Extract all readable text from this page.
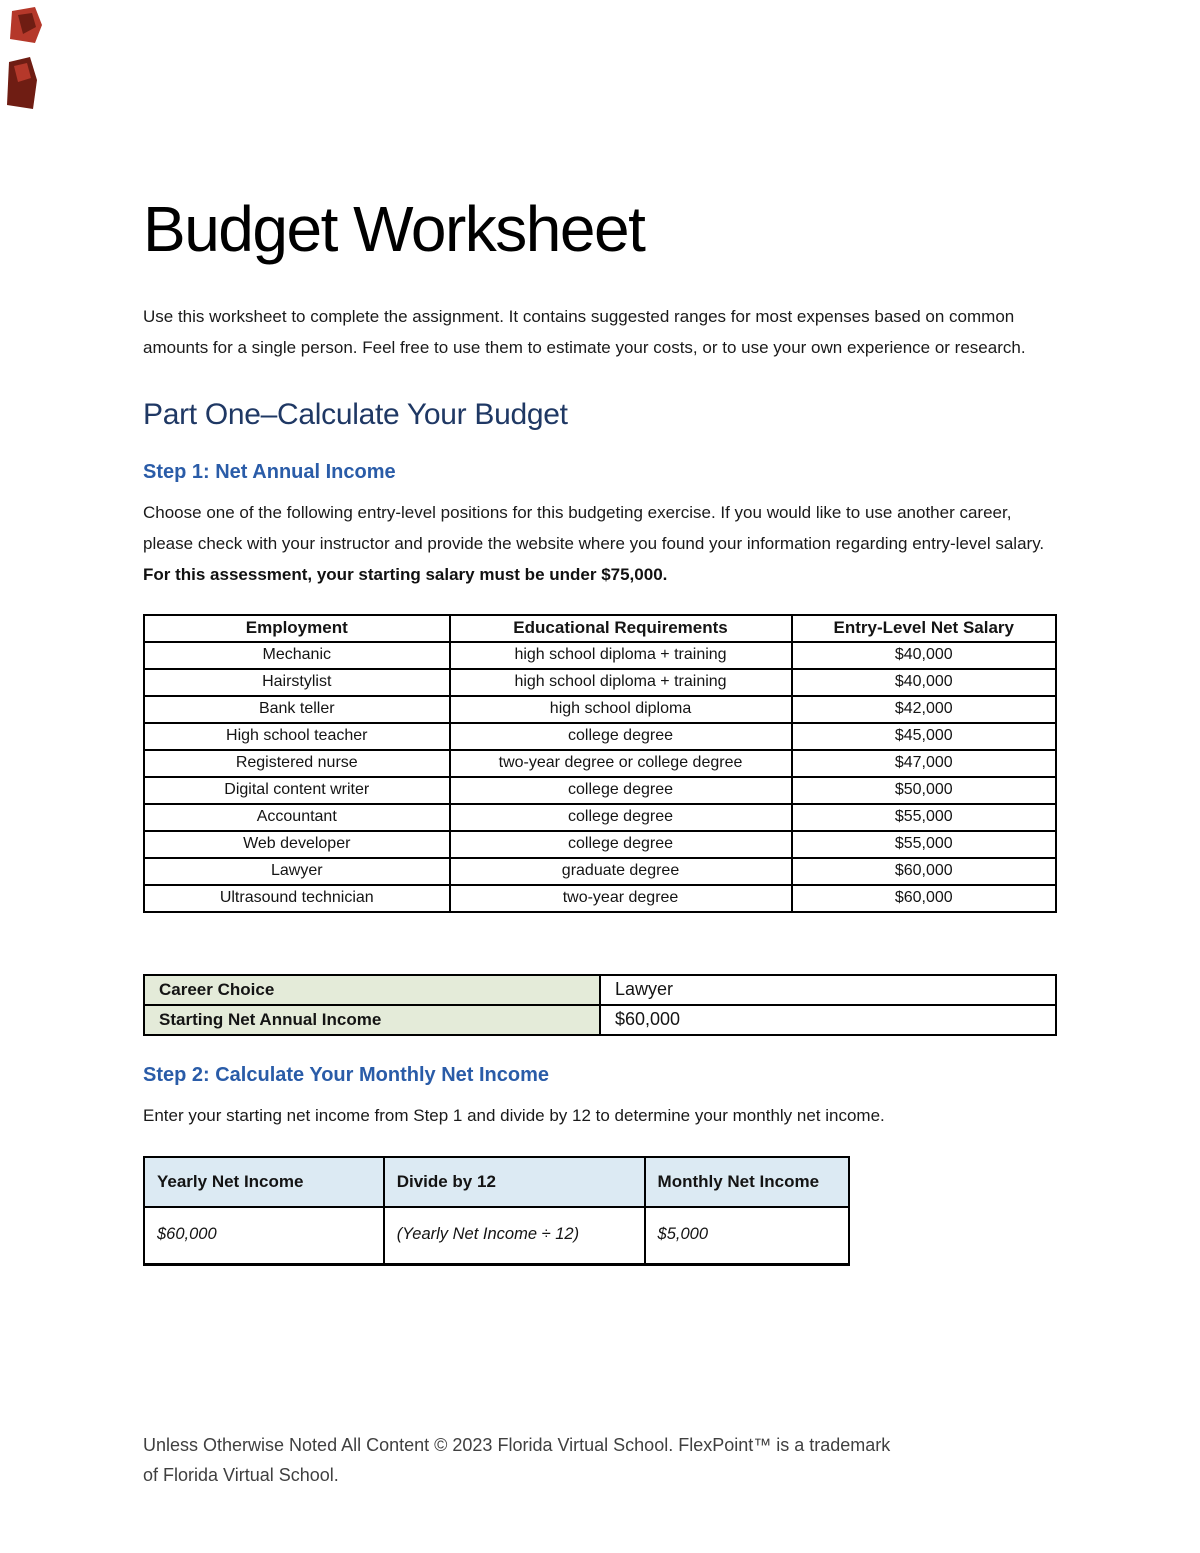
Budget Worksheet

Use this worksheet to complete the assignment. It contains suggested ranges for most expenses based on common amounts for a single person. Feel free to use them to estimate your costs, or to use your own experience or research.

Part One–Calculate Your Budget
Step 1: Net Annual Income

Choose one of the following entry-level positions for this budgeting exercise. If you would like to use another career, please check with your instructor and provide the website where you found your information regarding entry-level salary. For this assessment, your starting salary must be under $75,000.

Employment	Educational Requirements	Entry-Level Net Salary
Mechanic	high school diploma + training	$40,000
Hairstylist	high school diploma + training	$40,000
Bank teller	high school diploma	$42,000
High school teacher	college degree	$45,000
Registered nurse	two-year degree or college degree	$47,000
Digital content writer	college degree	$50,000
Accountant	college degree	$55,000
Web developer	college degree	$55,000
Lawyer	graduate degree	$60,000
Ultrasound technician	two-year degree	$60,000
Career Choice	Lawyer
Starting Net Annual Income	$60,000
Step 2: Calculate Your Monthly Net Income

Enter your starting net income from Step 1 and divide by 12 to determine your monthly net income.

Yearly Net Income	Divide by 12	Monthly Net Income
$60,000	(Yearly Net Income ÷ 12)	$5,000
Unless Otherwise Noted All Content © 2023 Florida Virtual School. FlexPoint™ is a trademark
of Florida Virtual School.
